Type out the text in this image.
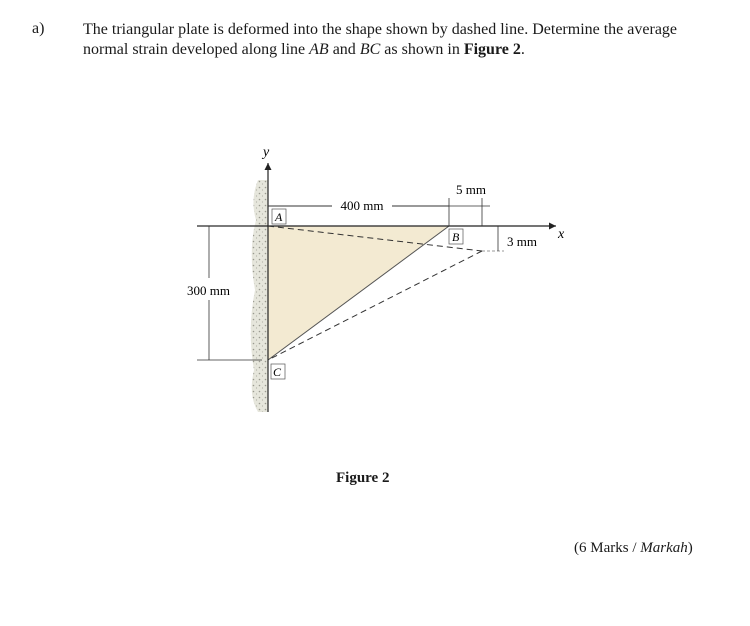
a) The triangular plate is deformed into the shape shown by dashed line. Determine the average normal strain developed along line AB and BC as shown in Figure 2.
400 mm
5 mm
3 mm
300 mm
A
B
C
y
x
Figure 2
(6 Marks / Markah)
